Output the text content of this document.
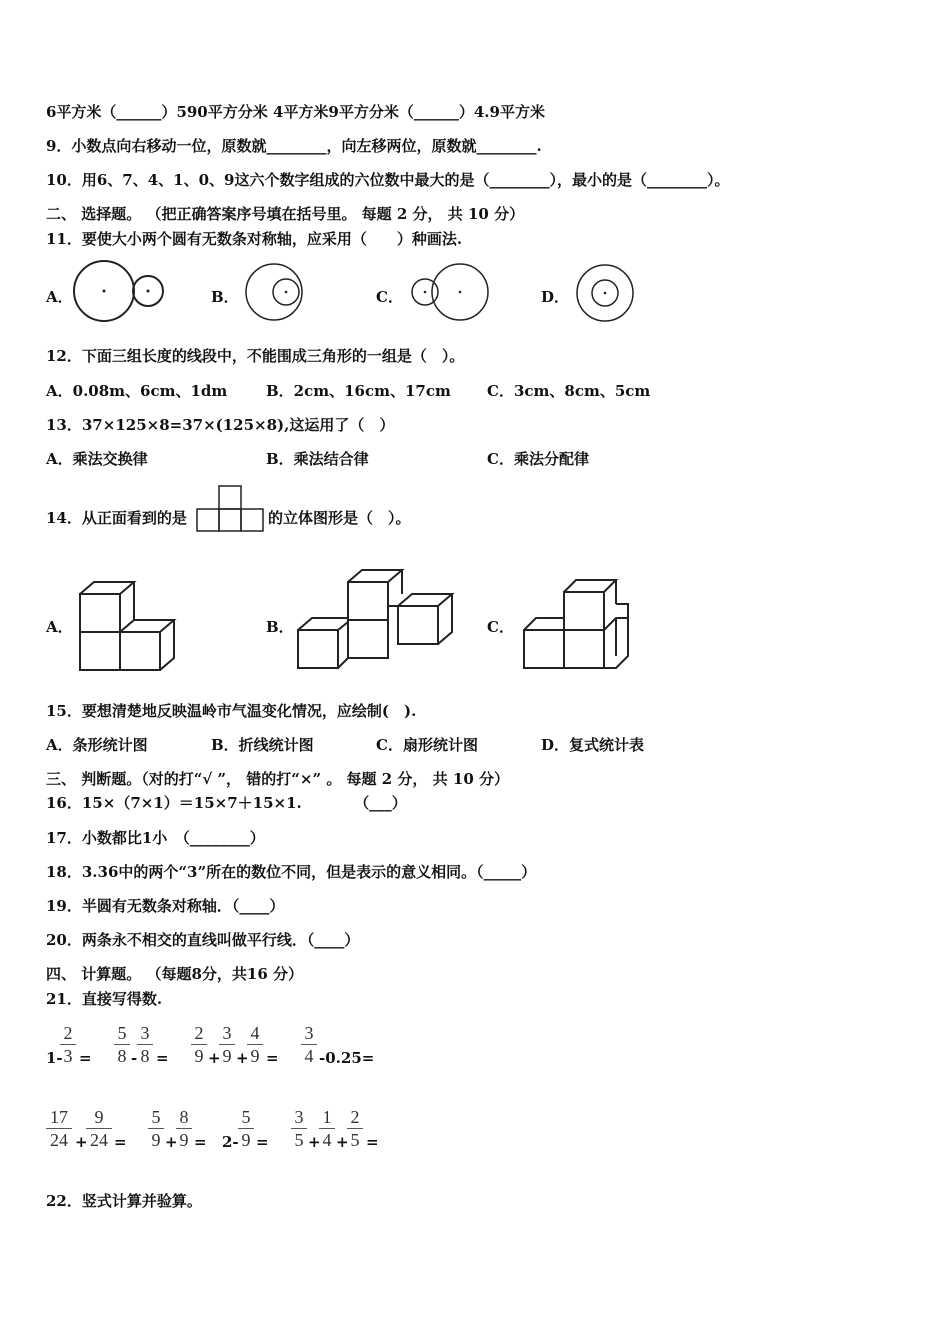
6平方米（______）590平方分米 4平方米9平方分米（______）4.9平方米
9．小数点向右移动一位，原数就________，向左移两位，原数就________.
10．用6、7、4、1、0、9这六个数字组成的六位数中最大的是（________），最小的是（________）。
二、 选择题。 （把正确答案序号填在括号里。 每题 2 分， 共 10 分）
11．要使大小两个圆有无数条对称轴，应采用（　　）种画法.
A．	B．	C．	D．
12．下面三组长度的线段中，不能围成三角形的一组是（　）。
A．0.08m、6cm、1dm	B．2cm、16cm、17cm C．3cm、8cm、5cm
13．37×125×8=37×(125×8),这运用了（　）
A．乘法交换律	B．乘法结合律	C．乘法分配律
14．从正面看到的是	的立体图形是（　）。
A．	B．	C．
15．要想清楚地反映温岭市气温变化情况，应绘制(　).
A．条形统计图	B．折线统计图	C．扇形统计图	D．复式统计表
三、 判断题。（对的打“√ ”， 错的打“×” 。 每题 2 分， 共 10 分）
16．15×（7×1）＝15×7＋15×1.　　　　（___）
17．小数都比1小　（________）
18．3.36中的两个“3”所在的数位不同，但是表示的意义相同。（_____）
19．半圆有无数条对称轴．（____）
20．两条永不相交的直线叫做平行线．（____）
四、 计算题。 （每题8分，共16 分）
21．直接写得数.
1-
$\frac{2}{3} = \frac{5}{8} - \frac{3}{8} = \frac{2}{9}$ +
$\frac{3}{9}$ +
$\frac{4}{9} = \frac{3}{4} -0.25=$
$\frac{17}{24}$ +
$\frac{9}{24} = \frac{5}{9}$ +
$\frac{8}{9} = 2- \frac{5}{9} = \frac{3}{5}$ +
$\frac{1}{4}$ +
$\frac{2}{5}$ =
22．竖式计算并验算。
